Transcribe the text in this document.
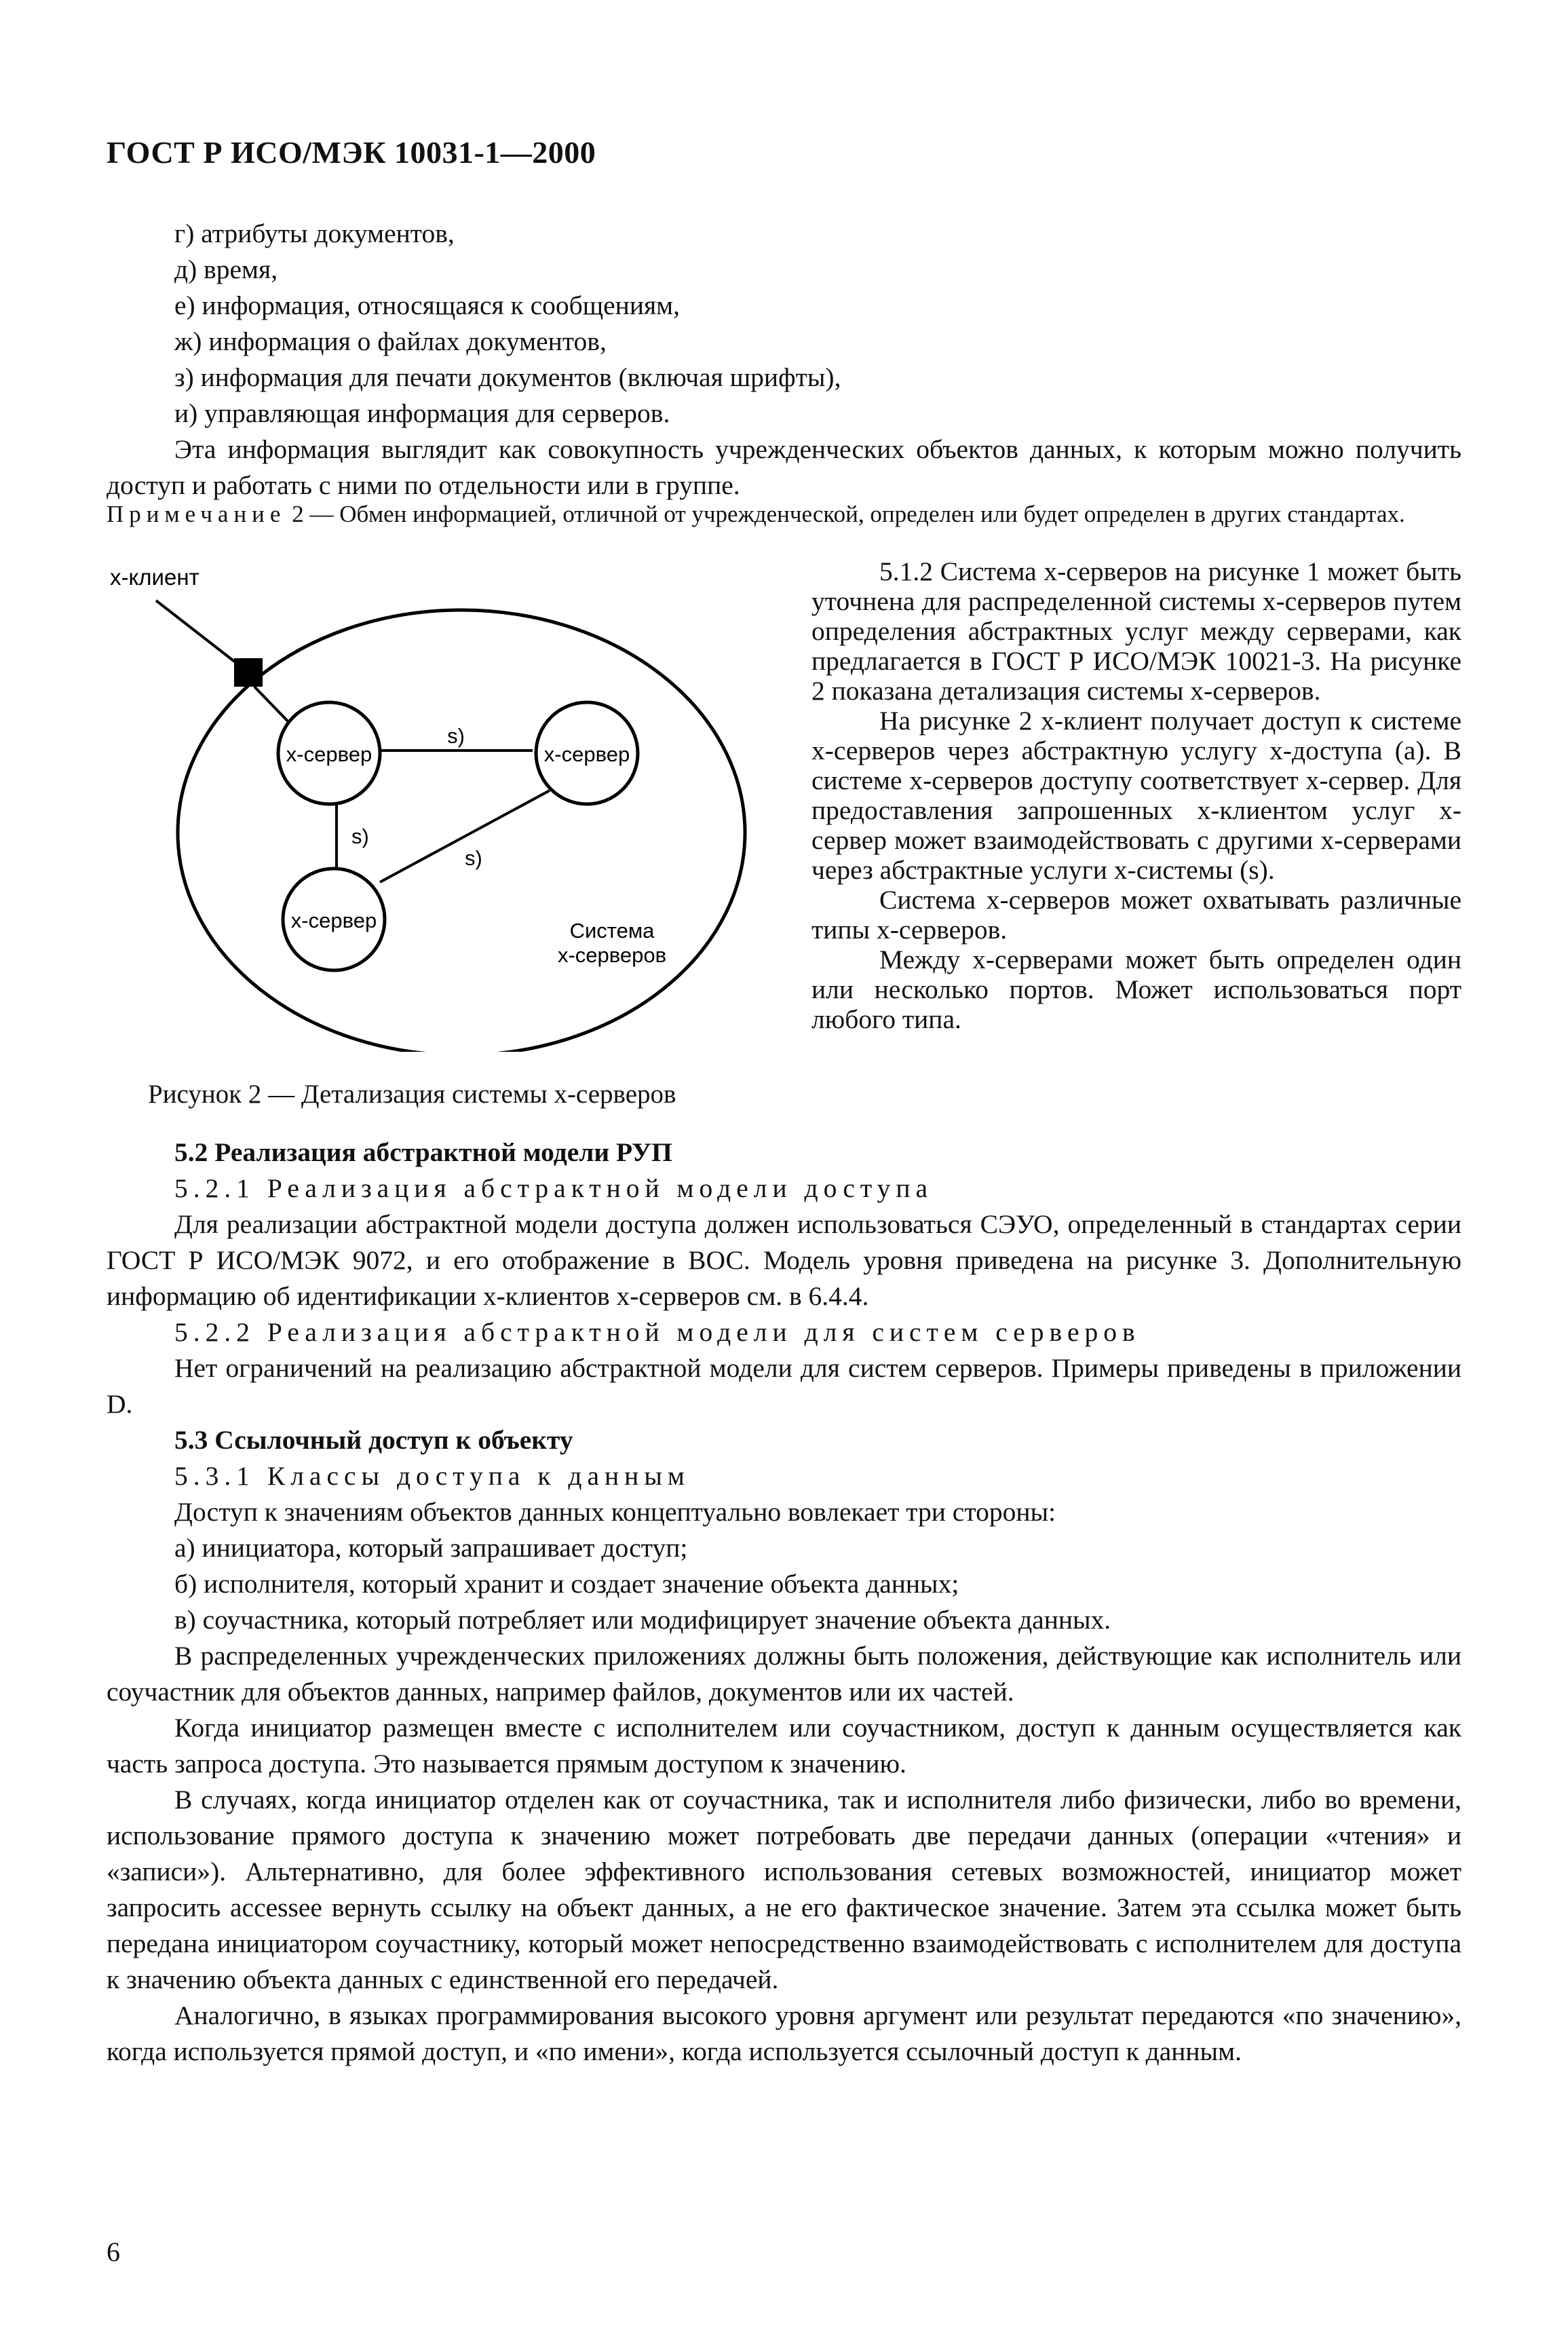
ГОСТ Р ИСО/МЭК 10031-1—2000
г) атрибуты документов,
д) время,
е) информация, относящаяся к сообщениям,
ж) информация о файлах документов,
з) информация для печати документов (включая шрифты),
и) управляющая информация для серверов.

Эта информация выглядит как совокупность учрежденческих объектов данных, к которым можно получить доступ и работать с ними по отдельности или в группе.

Примечание 2 — Обмен информацией, отличной от учрежденческой, определен или будет определен в других стандартах.

x-клиент
x-сервер	x-сервер
x-сервер
s)
s)
s)
Система
x-серверов
Рисунок 2 — Детализация системы x-серверов

5.1.2 Система x-серверов на рисунке 1 может быть уточнена для распределенной системы x-серверов путем определения абстрактных услуг между серверами, как предлагается в ГОСТ Р ИСО/МЭК 10021-3. На рисунке 2 показана детализация системы x-серверов.

На рисунке 2 x-клиент получает доступ к системе x-серверов через абстрактную услугу x-доступа (a). В системе x-серверов доступу соответствует x-сервер. Для предоставления запрошенных x-клиентом услуг x-сервер может взаимодействовать с другими x-серверами через абстрактные услуги x-системы (s).

Система x-серверов может охватывать различные типы x-серверов.

Между x-серверами может быть определен один или несколько портов. Может использоваться порт любого типа.

5.2 Реализация абстрактной модели РУП
5.2.1 Реализация абстрактной модели доступа

Для реализации абстрактной модели доступа должен использоваться СЭУО, определенный в стандартах серии ГОСТ Р ИСО/МЭК 9072, и его отображение в ВОС. Модель уровня приведена на рисунке 3. Дополнительную информацию об идентификации x-клиентов x-серверов см. в 6.4.4.

5.2.2 Реализация абстрактной модели для систем серверов

Нет ограничений на реализацию абстрактной модели для систем серверов. Примеры приведены в приложении D.

5.3 Ссылочный доступ к объекту
5.3.1 Классы доступа к данным

Доступ к значениям объектов данных концептуально вовлекает три стороны:

а) инициатора, который запрашивает доступ;
б) исполнителя, который хранит и создает значение объекта данных;
в) соучастника, который потребляет или модифицирует значение объекта данных.

В распределенных учрежденческих приложениях должны быть положения, действующие как исполнитель или соучастник для объектов данных, например файлов, документов или их частей.

Когда инициатор размещен вместе с исполнителем или соучастником, доступ к данным осуществляется как часть запроса доступа. Это называется прямым доступом к значению.

В случаях, когда инициатор отделен как от соучастника, так и исполнителя либо физически, либо во времени, использование прямого доступа к значению может потребовать две передачи данных (операции «чтения» и «записи»). Альтернативно, для более эффективного использования сетевых возможностей, инициатор может запросить accessee вернуть ссылку на объект данных, а не его фактическое значение. Затем эта ссылка может быть передана инициатором соучастнику, который может непосредственно взаимодействовать с исполнителем для доступа к значению объекта данных с единственной его передачей.

Аналогично, в языках программирования высокого уровня аргумент или результат передаются «по значению», когда используется прямой доступ, и «по имени», когда используется ссылочный доступ к данным.

6
